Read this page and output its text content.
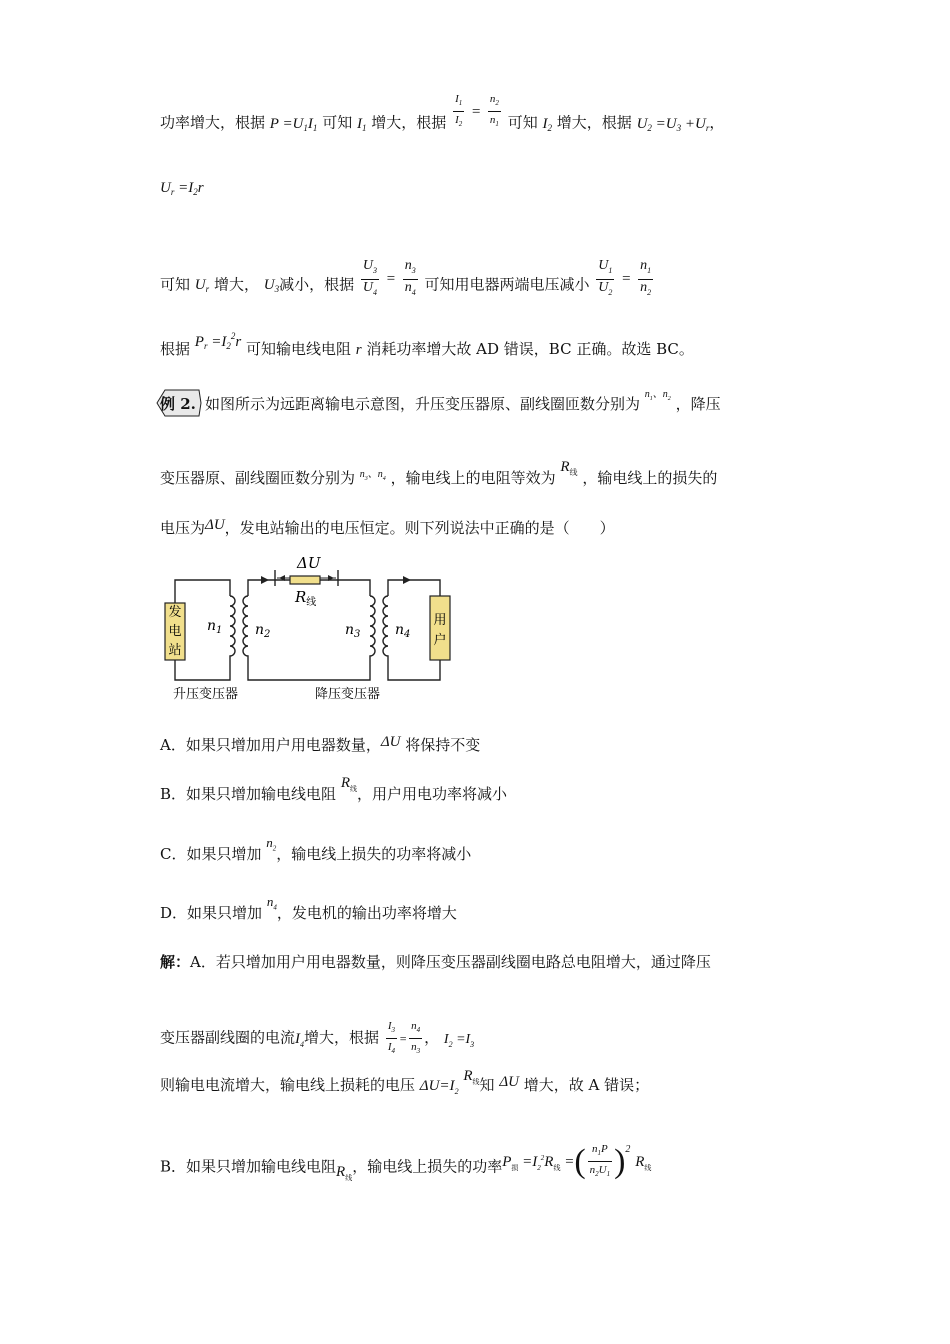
功率增大，根据 $P =U_1I_1$ 可知 $I_1$ 增大，根据 $\frac{I_1}{I_2} = \frac{n_2}{n_1}$ 可知 $I_2$ 增大，根据 $U_2 =U_3 +U_r$，
$U_r =I_2r$
可知 $U_r$ 增大， $U_3$减小，根据 $\frac{U_3}{U_4} = \frac{n_3}{n_4}$ 可知用电器两端电压减小 $\frac{U_1}{U_2} = \frac{n_1}{n_2}$
根据 $P_r =I_2^2r$ 可知输电线电阻 r 消耗功率增大故 AD 错误，BC 正确。故选 BC。
例 2. 如图所示为远距离输电示意图，升压变压器原、副线圈匝数分别为 $^{n_1、n_2}$ ，降压
变压器原、副线圈匝数分别为 $^{n_3、n_4}$ ，输电线上的电阻等效为 $R_线$ ，输电线上的损失的
电压为ΔU，发电站输出的电压恒定。则下列说法中正确的是（　　）
发
电
站
用
户
$n_1$ $n_2$	$n_3$ $n_4$
ΔU
$R_线$
升压变压器	降压变压器
A．如果只增加用户用电器数量，ΔU 将保持不变
B．如果只增加输电线电阻 $R_线$，用户用电功率将减小
C．如果只增加 $n_2$，输电线上损失的功率将减小
D．如果只增加 $n_4$，发电机的输出功率将增大
解：A．若只增加用户用电器数量，则降压变压器副线圈电路总电阻增大，通过降压
变压器副线圈的电流$I_4$增大，根据 $\frac{I_3}{I_4} = \frac{n_4}{n_3}$ ， $I_2 =I_3$
则输电电流增大，输电线上损耗的电压 $\Delta U=I_2$ $R_线$知 ΔU 增大，故 A 错误；
B．如果只增加输电线电阻$R_线$，输电线上损失的功率$P_损 =I_2^2R_线$ =( $\frac{n_1P}{n_2U_1} )^2$ $R_线$
